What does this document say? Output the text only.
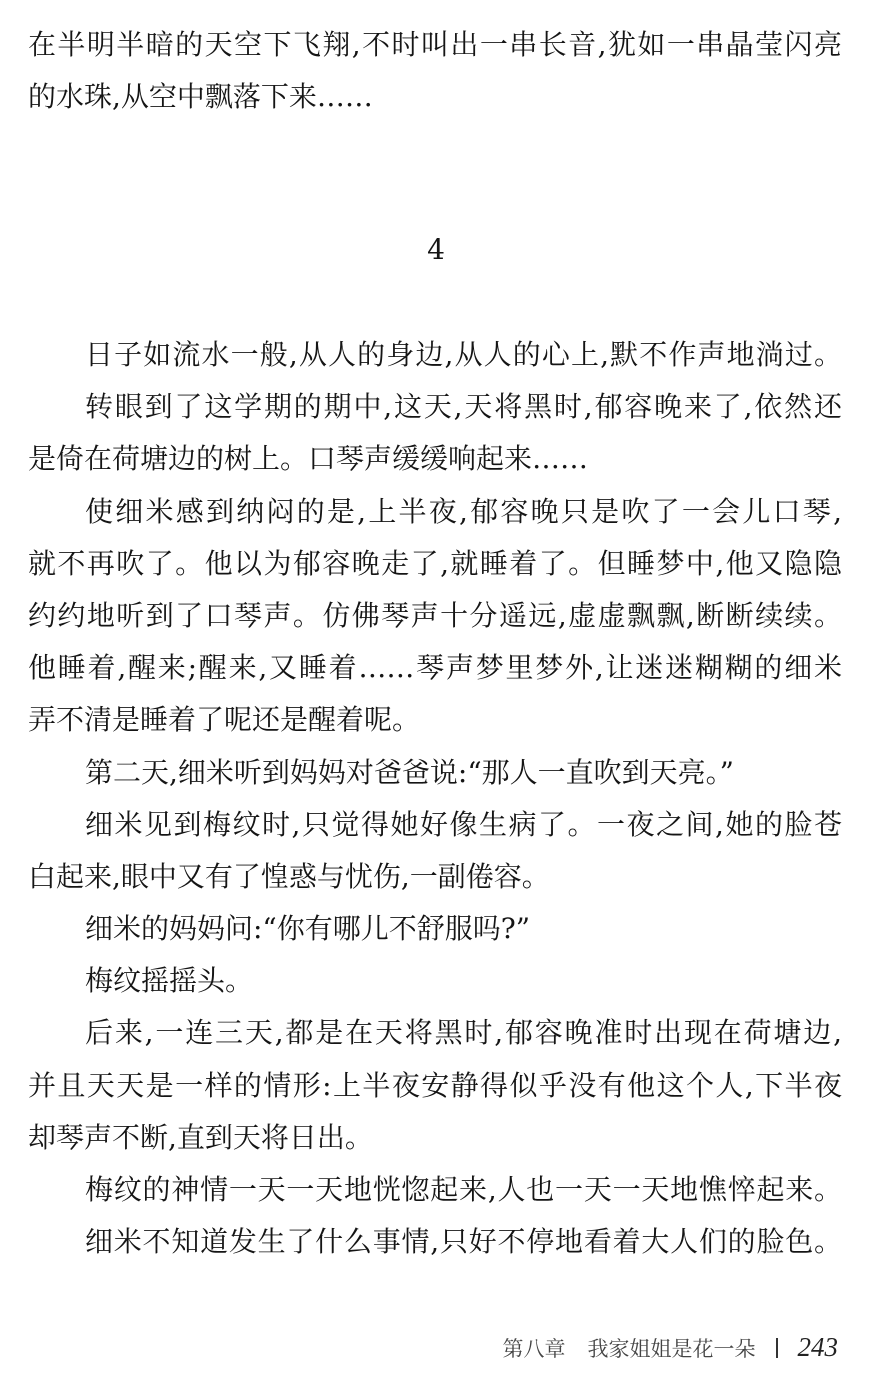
在半明半暗的天空下飞翔,不时叫出一串长音,犹如一串晶莹闪亮
的水珠,从空中飘落下来……
4
日子如流水一般,从人的身边,从人的心上,默不作声地淌过。
转眼到了这学期的期中,这天,天将黑时,郁容晚来了,依然还
是倚在荷塘边的树上。口琴声缓缓响起来……
使细米感到纳闷的是,上半夜,郁容晚只是吹了一会儿口琴,
就不再吹了。他以为郁容晚走了,就睡着了。但睡梦中,他又隐隐
约约地听到了口琴声。仿佛琴声十分遥远,虚虚飘飘,断断续续。
他睡着,醒来;醒来,又睡着……琴声梦里梦外,让迷迷糊糊的细米
弄不清是睡着了呢还是醒着呢。
第二天,细米听到妈妈对爸爸说:“那人一直吹到天亮。”
细米见到梅纹时,只觉得她好像生病了。一夜之间,她的脸苍
白起来,眼中又有了惶惑与忧伤,一副倦容。
细米的妈妈问:“你有哪儿不舒服吗?”
梅纹摇摇头。
后来,一连三天,都是在天将黑时,郁容晚准时出现在荷塘边,
并且天天是一样的情形:上半夜安静得似乎没有他这个人,下半夜
却琴声不断,直到天将日出。
梅纹的神情一天一天地恍惚起来,人也一天一天地憔悴起来。
细米不知道发生了什么事情,只好不停地看着大人们的脸色。
第八章 我家姐姐是花一朵 243
